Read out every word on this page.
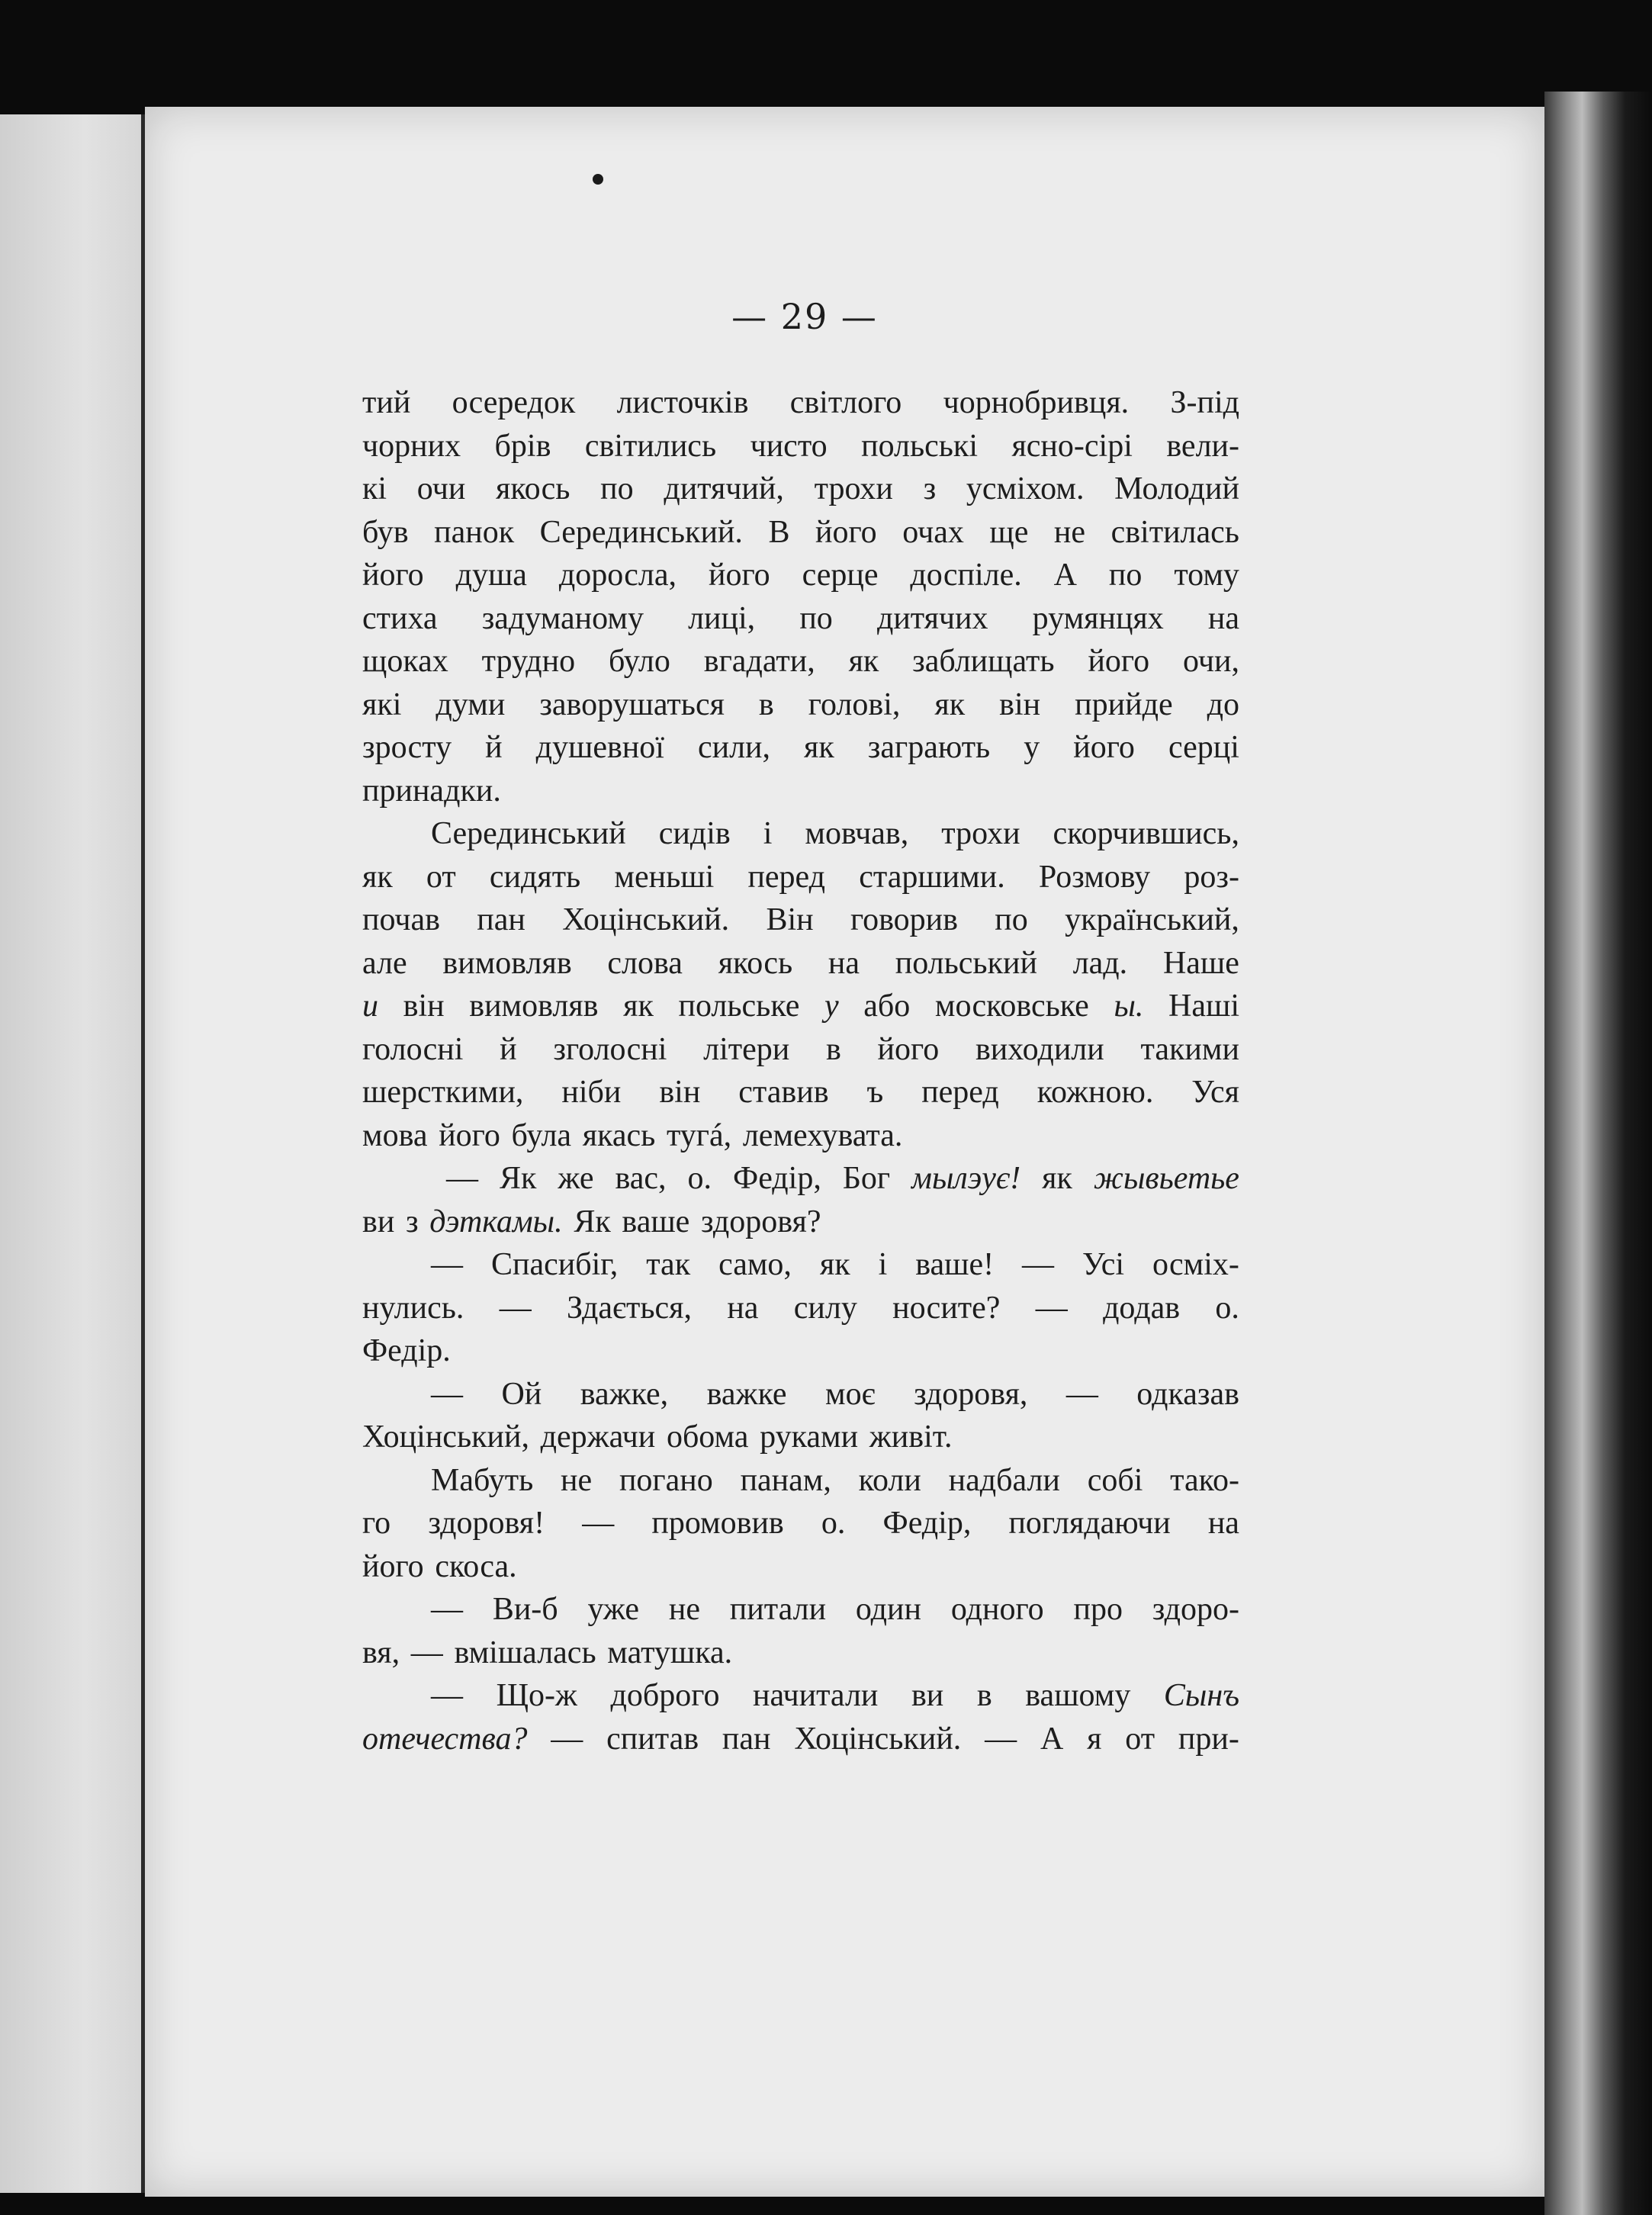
— 29 —
тий осередок листочків світлого чорнобривця. З-під
чорних брів світились чисто польські ясно-сірі вели-
кі очи якось по дитячий, трохи з усміхом. Молодий
був панок Серединський. В його очах ще не світилась
його душа доросла, його серце доспіле. А по тому
стиха задуманому лиці, по дитячих румянцях на
щоках трудно було вгадати, як заблищать його очи,
які думи заворушаться в голові, як він прийде до
зросту й душевної сили, як заграють у його серці
принадки.
Серединський сидів і мовчав, трохи скорчившись,
як от сидять меньші перед старшими. Розмову роз-
почав пан Хоцінський. Він говорив по український,
але вимовляв слова якось на польський лад. Наше
и він вимовляв як польське у або московське ы. Наші
голосні й зголосні літери в його виходили такими
шерсткими, ніби він ставив ъ перед кожною. Уся
мова його була якась тугá, лемехувата.
— Як же вас, о. Федір, Бог мылэує! як жывьетье
ви з дэткамы. Як ваше здоровя?
— Спасибіг, так само, як і ваше! — Усі осміх-
нулись. — Здається, на силу носите? — додав о.
Федір.
— Ой важке, важке моє здоровя, — одказав
Хоцінський, держачи обома руками живіт.
Мабуть не погано панам, коли надбали собі тако-
го здоровя! — промовив о. Федір, поглядаючи на
його скоса.
— Ви-б уже не питали один одного про здоро-
вя, — вмішалась матушка.
— Що-ж доброго начитали ви в вашому Сынъ
отечества? — спитав пан Хоцінський. — А я от при-
